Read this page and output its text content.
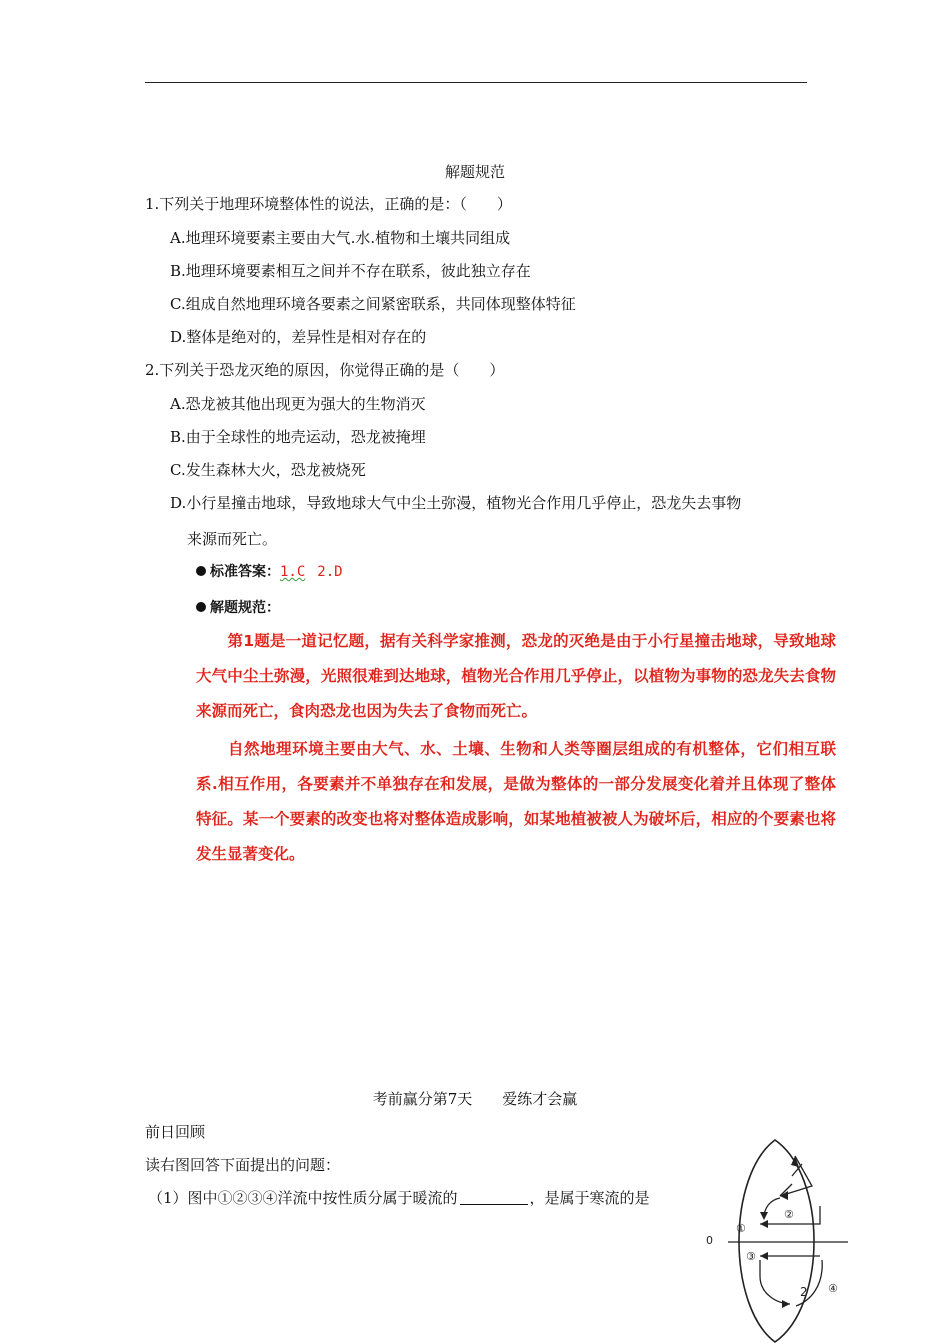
解题规范
1.下列关于地理环境整体性的说法，正确的是：（　　）
A.地理环境要素主要由大气.水.植物和土壤共同组成
B.地理环境要素相互之间并不存在联系，彼此独立存在
C.组成自然地理环境各要素之间紧密联系，共同体现整体特征
D.整体是绝对的，差异性是相对存在的
2.下列关于恐龙灭绝的原因，你觉得正确的是（　　）
A.恐龙被其他出现更为强大的生物消灭
B.由于全球性的地壳运动，恐龙被掩埋
C.发生森林大火，恐龙被烧死
D.小行星撞击地球，导致地球大气中尘土弥漫，植物光合作用几乎停止，恐龙失去事物
来源而死亡。
标准答案：1.C 2.D
解题规范：
　　第1题是一道记忆题，据有关科学家推测，恐龙的灭绝是由于小行星撞击地球，导致地球大气中尘土弥漫，光照很难到达地球，植物光合作用几乎停止，以植物为事物的恐龙失去食物来源而死亡，食肉恐龙也因为失去了食物而死亡。
　　自然地理环境主要由大气、水、土壤、生物和人类等圈层组成的有机整体，它们相互联系.相互作用，各要素并不单独存在和发展，是做为整体的一部分发展变化着并且体现了整体特征。某一个要素的改变也将对整体造成影响，如某地植被被人为破坏后，相应的个要素也将发生显著变化。
考前赢分第7天　　爱练才会赢
前日回顾
读右图回答下面提出的问题：
（1）图中①②③④洋流中按性质分属于暖流的	，是属于寒流的是
①
②
③
④
2
0
